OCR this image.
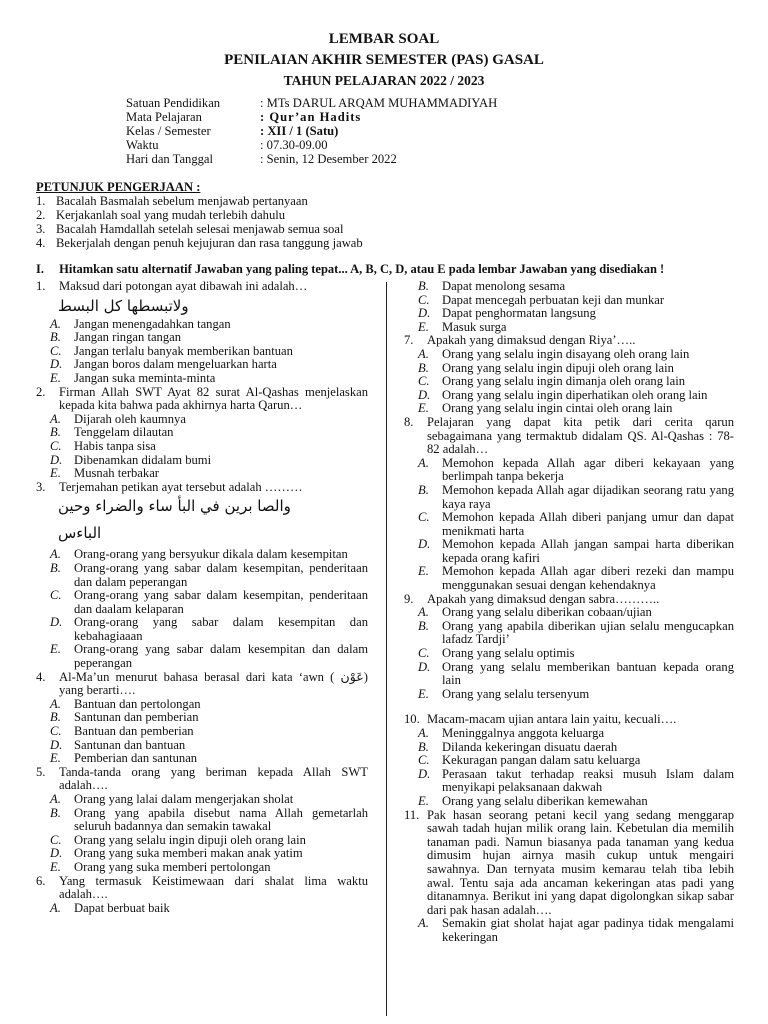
LEMBAR SOAL
PENILAIAN AKHIR SEMESTER (PAS) GASAL
TAHUN PELAJARAN 2022 / 2023
Satuan Pendidikan	: MTs DARUL ARQAM MUHAMMADIYAH
Mata Pelajaran	: Qur’an Hadits
Kelas / Semester	: XII / 1 (Satu)
Waktu	: 07.30-09.00
Hari dan Tanggal	: Senin, 12 Desember 2022
PETUNJUK PENGERJAAN :
1. Bacalah Basmalah sebelum menjawab pertanyaan
2. Kerjakanlah soal yang mudah terlebih dahulu
3. Bacalah Hamdallah setelah selesai menjawab semua soal
4. Bekerjalah dengan penuh kejujuran dan rasa tanggung jawab
I. Hitamkan satu alternatif Jawaban yang paling tepat... A, B, C, D, atau E pada lembar Jawaban yang disediakan !
1.	Maksud dari potongan ayat dibawah ini adalah…
ولاتبسطها كل البسط
A.	Jangan menengadahkan tangan
B.	Jangan ringan tangan
C. Jangan terlalu banyak memberikan bantuan
D. Jangan boros dalam mengeluarkan harta
E.	Jangan suka meminta-minta
2.	Firman Allah SWT Ayat 82 surat Al-Qashas menjelaskan kepada kita bahwa pada akhirnya harta Qarun…
A.	Dijarah oleh kaumnya
B.	Tenggelam dilautan
C. Habis tanpa sisa
D. Dibenamkan didalam bumi
E.	Musnah terbakar
3.	Terjemahan petikan ayat tersebut adalah ………
والصا برين في البأ ساء والضراء وحين
الباءس
A.	Orang-orang yang bersyukur dikala dalam kesempitan
B.	Orang-orang yang sabar dalam kesempitan, penderitaan dan dalam peperangan
C. Orang-orang yang sabar dalam kesempitan, penderitaan dan daalam kelaparan
D. Orang-orang yang sabar dalam kesempitan dan kebahagiaaan
E.	Orang-orang yang sabar dalam kesempitan dan dalam peperangan
4.	Al-Ma’un menurut bahasa berasal dari kata ‘awn ( عَوْن) yang berarti….
A.	Bantuan dan pertolongan
B.	Santunan dan pemberian
C. Bantuan dan pemberian
D. Santunan dan bantuan
E.	Pemberian dan santunan
5.	Tanda-tanda orang yang beriman kepada Allah SWT adalah….
A.	Orang yang lalai dalam mengerjakan sholat
B.	Orang yang apabila disebut nama Allah gemetarlah seluruh badannya dan semakin tawakal
C. Orang yang selalu ingin dipuji oleh orang lain
D. Orang yang suka memberi makan anak yatim
E.	Orang yang suka memberi pertolongan
6.	Yang termasuk Keistimewaan dari shalat lima waktu adalah….
A.	Dapat berbuat baik
B.	Dapat menolong sesama
C. Dapat mencegah perbuatan keji dan munkar
D. Dapat penghormatan langsung
E.	Masuk surga
7.	Apakah yang dimaksud dengan Riya’…..
A.	Orang yang selalu ingin disayang oleh orang lain
B.	Orang yang selalu ingin dipuji oleh orang lain
C. Orang yang selalu ingin dimanja oleh orang lain
D. Orang yang selalu ingin diperhatikan oleh orang lain
E.	Orang yang selalu ingin cintai oleh orang lain
8.	Pelajaran yang dapat kita petik dari cerita qarun sebagaimana yang termaktub didalam QS. Al-Qashas : 78-82 adalah…
A.	Memohon kepada Allah agar diberi kekayaan yang berlimpah tanpa bekerja
B.	Memohon kepada Allah agar dijadikan seorang ratu yang kaya raya
C. Memohon kepada Allah diberi panjang umur dan dapat menikmati harta
D. Memohon kepada Allah jangan sampai harta diberikan kepada orang kafiri
E.	Memohon kepada Allah agar diberi rezeki dan mampu menggunakan sesuai dengan kehendaknya
9.	Apakah yang dimaksud dengan sabra………..
A.	Orang yang selalu diberikan cobaan/ujian
B.	Orang yang apabila diberikan ujian selalu mengucapkan lafadz Tardji’
C. Orang yang selalu optimis
D. Orang yang selalu memberikan bantuan kepada orang lain
E.	Orang yang selalu tersenyum
10. Macam-macam ujian antara lain yaitu, kecuali….
A.	Meninggalnya anggota keluarga
B.	Dilanda kekeringan disuatu daerah
C. Kekuragan pangan dalam satu keluarga
D. Perasaan takut terhadap reaksi musuh Islam dalam menyikapi pelaksanaan dakwah
E.	Orang yang selalu diberikan kemewahan
11. Pak hasan seorang petani kecil yang sedang menggarap sawah tadah hujan milik orang lain. Kebetulan dia memilih tanaman padi. Namun biasanya pada tanaman yang kedua dimusim hujan airnya masih cukup untuk mengairi sawahnya. Dan ternyata musim kemarau telah tiba lebih awal. Tentu saja ada ancaman kekeringan atas padi yang ditanamnya. Berikut ini yang dapat digolongkan sikap sabar dari pak hasan adalah….
A.	Semakin giat sholat hajat agar padinya tidak mengalami kekeringan
